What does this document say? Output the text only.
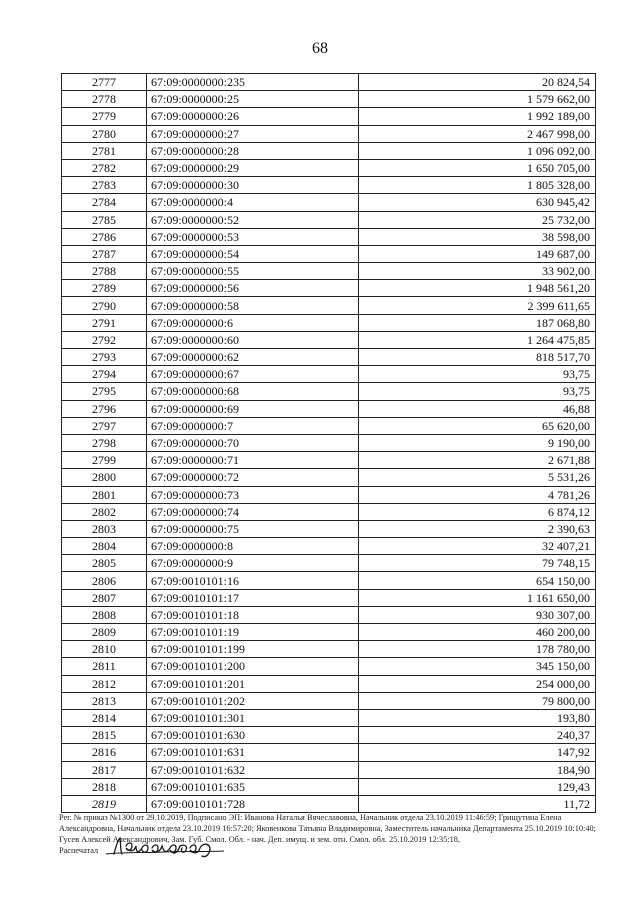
68
2777	67:09:0000000:235	20 824,54
2778	67:09:0000000:25	1 579 662,00
2779	67:09:0000000:26	1 992 189,00
2780	67:09:0000000:27	2 467 998,00
2781	67:09:0000000:28	1 096 092,00
2782	67:09:0000000:29	1 650 705,00
2783	67:09:0000000:30	1 805 328,00
2784	67:09:0000000:4	630 945,42
2785	67:09:0000000:52	25 732,00
2786	67:09:0000000:53	38 598,00
2787	67:09:0000000:54	149 687,00
2788	67:09:0000000:55	33 902,00
2789	67:09:0000000:56	1 948 561,20
2790	67:09:0000000:58	2 399 611,65
2791	67:09:0000000:6	187 068,80
2792	67:09:0000000:60	1 264 475,85
2793	67:09:0000000:62	818 517,70
2794	67:09:0000000:67	93,75
2795	67:09:0000000:68	93,75
2796	67:09:0000000:69	46,88
2797	67:09:0000000:7	65 620,00
2798	67:09:0000000:70	9 190,00
2799	67:09:0000000:71	2 671,88
2800	67:09:0000000:72	5 531,26
2801	67:09:0000000:73	4 781,26
2802	67:09:0000000:74	6 874,12
2803	67:09:0000000:75	2 390,63
2804	67:09:0000000:8	32 407,21
2805	67:09:0000000:9	79 748,15
2806	67:09:0010101:16	654 150,00
2807	67:09:0010101:17	1 161 650,00
2808	67:09:0010101:18	930 307,00
2809	67:09:0010101:19	460 200,00
2810	67:09:0010101:199	178 780,00
2811	67:09:0010101:200	345 150,00
2812	67:09:0010101:201	254 000,00
2813	67:09:0010101:202	79 800,00
2814	67:09:0010101:301	193,80
2815	67:09:0010101:630	240,37
2816	67:09:0010101:631	147,92
2817	67:09:0010101:632	184,90
2818	67:09:0010101:635	129,43
2819	67:09:0010101:728	11,72
Рег. № приказ №1300 от 29.10.2019, Подписано ЭП: Иванова Наталья Вячеславовна, Начальник отдела 23.10.2019 11:46:59; Грищутина Елена Александровна, Начальник отдела 23.10.2019 16:57:20; Яковенкова Татьяна Владимировна, Заместитель начальника Департамента 25.10.2019 10:10:40; Гусев Алексей Александрович, Зам. Губ. Смол. Обл. - нач. Деп. имущ. и зем. отн. Смол. обл. 25.10.2019 12:35:18,
Распечатал
